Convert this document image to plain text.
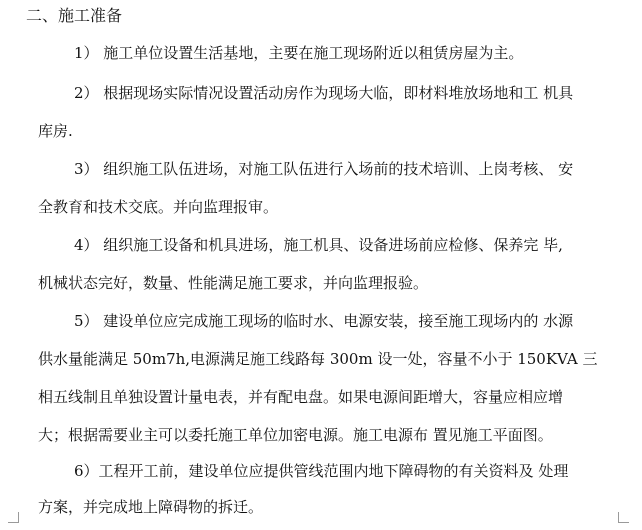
二、施工准备
1） 施工单位设置生活基地，主要在施工现场附近以租赁房屋为主。
2） 根据现场实际情况设置活动房作为现场大临，即材料堆放场地和工 机具
库房.
3） 组织施工队伍进场，对施工队伍进行入场前的技术培训、上岗考核、 安
全教育和技术交底。并向监理报审。
4） 组织施工设备和机具进场，施工机具、设备进场前应检修、保养完 毕,
机械状态完好，数量、性能满足施工要求，并向监理报验。
5） 建设单位应完成施工现场的临时水、电源安装，接至施工现场内的 水源
供水量能满足 50m7h,电源满足施工线路每 300m 设一处，容量不小于 150KVA 三
相五线制且单独设置计量电表，并有配电盘。如果电源间距增大，容量应相应增
大；根据需要业主可以委托施工单位加密电源。施工电源布 置见施工平面图。
6）工程开工前，建设单位应提供管线范围内地下障碍物的有关资料及 处理
方案，并完成地上障碍物的拆迁。
